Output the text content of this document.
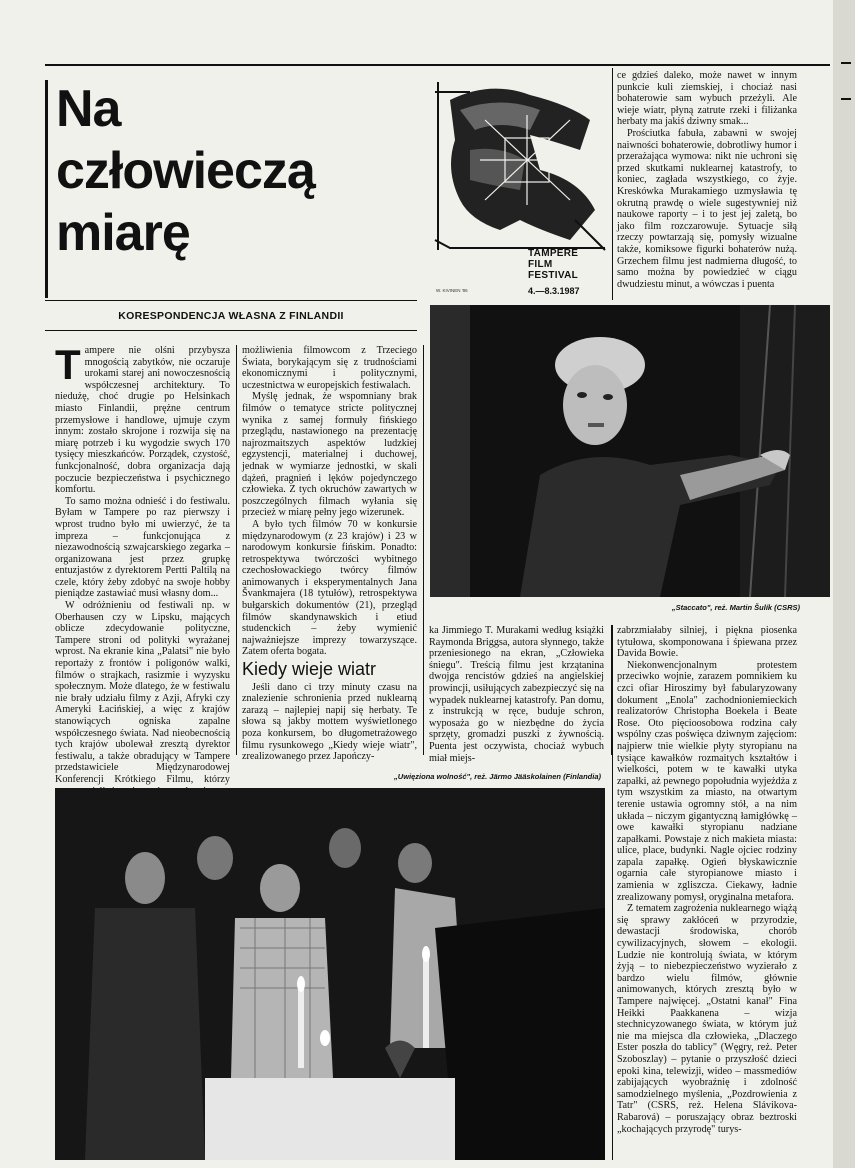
Na
człowieczą
miarę
KORESPONDENCJA WŁASNA Z FINLANDII
W. KIVINEN '86
TAMPERE
FILM
FESTIVAL
4.—8.3.1987

Tampere nie olśni przybysza mnogością zabytków, nie oczaruje urokami starej ani nowoczesnością współczesnej architektury. To niedużę, choć drugie po Helsinkach miasto Finlandii, prężne centrum przemysłowe i handlowe, ujmuje czym innym: zostało skrojone i rozwija się na miarę potrzeb i ku wygodzie swych 170 tysięcy mieszkańców. Porządek, czystość, funkcjonalność, dobra organizacja dają poczucie bezpieczeństwa i psychicznego komfortu.

To samo można odnieść i do festiwalu. Byłam w Tampere po raz pierwszy i wprost trudno było mi uwierzyć, że ta impreza – funkcjonująca z niezawodnością szwajcarskiego zegarka – organizowana jest przez grupkę entuzjastów z dyrektorem Pertti Paltilą na czele, który żeby zdobyć na swoje hobby pieniądze zastawiać musi własny dom...

W odróżnieniu od festiwali np. w Oberhausen czy w Lipsku, mających oblicze zdecydowanie polityczne, Tampere stroni od polityki wyrażanej wprost. Na ekranie kina „Palatsi" nie było reportaży z frontów i poligonów walki, filmów o strajkach, rasizmie i wyzysku społecznym. Może dlatego, że w festiwalu nie brały udziału filmy z Azji, Afryki czy Ameryki Łacińskiej, a więc z krajów stanowiących ogniska zapalne współczesnego świata. Nad nieobecnością tych krajów ubolewał zresztą dyrektor festiwalu, a także obradujący w Tampere przedstawiciele Międzynarodowej Konferencji Krótkiego Filmu, którzy

możliwienia filmowcom z Trzeciego Świata, borykającym się z trudnościami ekonomicznymi i politycznymi, uczestnictwa w europejskich festiwalach.

Myślę jednak, że wspomniany brak filmów o tematyce stricte politycznej wynika z samej formuły fińskiego przeglądu, nastawionego na prezentację najrozmaitszych aspektów ludzkiej egzystencji, materialnej i duchowej, jednak w wymiarze jednostki, w skali dążeń, pragnień i lęków pojedynczego człowieka. Z tych okruchów zawartych w poszczególnych filmach wyłania się przecież w miarę pełny jego wizerunek.

A było tych filmów 70 w konkursie międzynarodowym (z 23 krajów) i 23 w narodowym konkursie fińskim. Ponadto: retrospektywa twórczości wybitnego czechosłowackiego twórcy filmów animowanych i eksperymentalnych Jana Švankmajera (18 tytułów), retrospektywa bułgarskich dokumentów (21), przegląd filmów skandynawskich i etiud studenckich – żeby wymienić najważniejsze imprezy towarzyszące. Zatem oferta bogata.

Kiedy wieje wiatr

Jeśli dano ci trzy minuty czasu na znalezienie schronienia przed nuklearną zarazą – najlepiej napij się herbaty. Te słowa są jakby mottem wyświetlonego poza konkursem, bo długometrażowego filmu rysunkowego „Kiedy wieje wiatr", zrealizowanego przez Japończy-

ka Jimmiego T. Murakami według książki Raymonda Briggsa, autora słynnego, także przeniesionego na ekran, „Człowieka śniegu". Treścią filmu jest krzątanina dwojga rencistów gdzieś na angielskiej prowincji, usiłujących zabezpieczyć się na wypadek nuklearnej katastrofy. Pan domu, z instrukcją w ręce, buduje schron, wyposaża go w niezbędne do życia sprzęty, gromadzi puszki z żywnością. Puenta jest oczywista, chociaż wybuch miał miejs-

ce gdzieś daleko, może nawet w innym punkcie kuli ziemskiej, i chociaż nasi bohaterowie sam wybuch przeżyli. Ale wieje wiatr, płyną zatrute rzeki i filiżanka herbaty ma jakiś dziwny smak...

Prościutka fabuła, zabawni w swojej naiwności bohaterowie, dobrotliwy humor i przerażająca wymowa: nikt nie uchroni się przed skutkami nuklearnej katastrofy, to koniec, zagłada wszystkiego, co żyje. Kreskówka Murakamiego uzmysławia tę okrutną prawdę o wiele sugestywniej niż naukowe raporty – i to jest jej zaletą, bo jako film rozczarowuje. Sytuacje siłą rzeczy powtarzają się, pomysły wizualne także, komiksowe figurki bohaterów nużą. Grzechem filmu jest nadmierna długość, to samo można by powiedzieć w ciągu dwudziestu minut, a wówczas i puenta

„Staccato", reż. Martin Šulík (CSRS)

zabrzmiałaby silniej, i piękna piosenka tytułowa, skomponowana i śpiewana przez Davida Bowie.

Niekonwencjonalnym protestem przeciwko wojnie, zarazem pomnikiem ku czci ofiar Hiroszimy był fabularyzowany dokument „Enola" zachodnioniemieckich realizatorów Christopha Boekela i Beate Rose. Oto pięcioosobowa rodzina cały wspólny czas poświęca dziwnym zajęciom: najpierw tnie wielkie płyty styropianu na tysiące kawałków rozmaitych kształtów i wielkości, potem w te kawałki utyka zapałki, aż pewnego popołudnia wyjeżdża z tym wszystkim za miasto, na otwartym terenie ustawia ogromny stół, a na nim układa – niczym gigantyczną łamigłówkę – owe kawałki styropianu nadziane zapałkami. Powstaje z nich makieta miasta: ulice, place, budynki. Nagle ojciec rodziny zapala zapałkę. Ogień błyskawicznie ogarnia całe styropianowe miasto i zamienia w zgliszcza. Ciekawy, ładnie zrealizowany pomysł, oryginalna metafora.

Z tematem zagrożenia nuklearnego wiążą się sprawy zakłóceń w przyrodzie, dewastacji środowiska, chorób cywilizacyjnych, słowem – ekologii. Ludzie nie kontrolują świata, w którym żyją – to niebezpieczeństwo wyzierało z bardzo wielu filmów, głównie animowanych, których zresztą było w Tampere najwięcej. „Ostatni kanał" Fina Heikki Paakkanena – wizja stechnicyzowanego świata, w którym już nie ma miejsca dla człowieka, „Dlaczego Ester poszła do tablicy" (Węgry, reż. Peter Szoboszlay) – pytanie o przyszłość dzieci epoki kina, telewizji, wideo – massmediów zabijających wyobraźnię i zdolność samodzielnego myślenia, „Pozdrowienia z Tatr" (CSRS, reż. Helena Slávikova-Rabarová) – poruszający obraz beztroski „kochających przyrodę" turys-

„Uwięziona wolność", reż. Järmo Jääskolainen (Finlandia)
